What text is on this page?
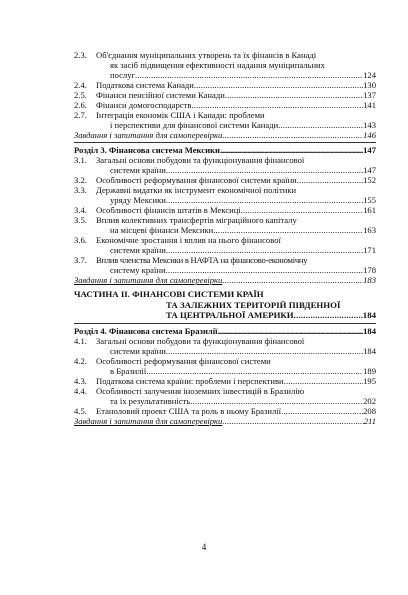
2.3.	Об'єднання муніципальних утворень та їх фінансів в Канаді
як засіб підвищення ефективності надання муніципальних
послуг . . .	124
2.4.	Податкова система Канади . . .	130
2.5.	Фінанси пенсійної системи Канади . . .	137
2.6.	Фінанси домогосподарств . . .	141
2.7.	Інтеграція економік США і Канади: проблеми
і перспективи для фінансової системи Канади . . .	143
Завдання і запитання для самоперевірки . . .	146
Розділ 3. Фінансова система Мексики . . .	147
3.1.	Загальні основи побудови та функціонування фінансової
системи країни . . .	147
3.2.	Особливості реформування фінансової системи країни . . .	152
3.3.	Державні видатки як інструмент економічної політики
уряду Мексики . . .	155
3.4.	Особливості фінансів штатів в Мексиці . . .	161
3.5.	Вплив колективних трансфертів міграційного капіталу
на місцеві фінанси Мексики . . .	163
3.6.	Економічне зростання і вплив на нього фінансової
системи країни . . .	171
3.7.	Вплив членства Мексики в НАФТА на фінансово-економічну
систему країни . . .	178
Завдання і запитання для самоперевірки . . .	183
ЧАСТИНА ІІ. ФІНАНСОВІ СИСТЕМИ КРАЇН
ТА ЗАЛЕЖНИХ ТЕРИТОРІЙ ПІВДЕННОЇ
ТА ЦЕНТРАЛЬНОЇ АМЕРИКИ . . .	184
Розділ 4. Фінансова система Бразилії . . .	184
4.1.	Загальні основи побудови та функціонування фінансової
системи країни . . .	184
4.2.	Особливості реформування фінансової системи
в Бразилії . . .	189
4.3.	Податкова система країни: проблеми і перспективи . . .	195
4.4.	Особливості залучення іноземних інвестицій в Бразилію
та їх результативність . . .	202
4.5.	Етаноловий проект США та роль в ньому Бразилії . . .	208
Завдання і запитання для самоперевірки . . .	211
4
